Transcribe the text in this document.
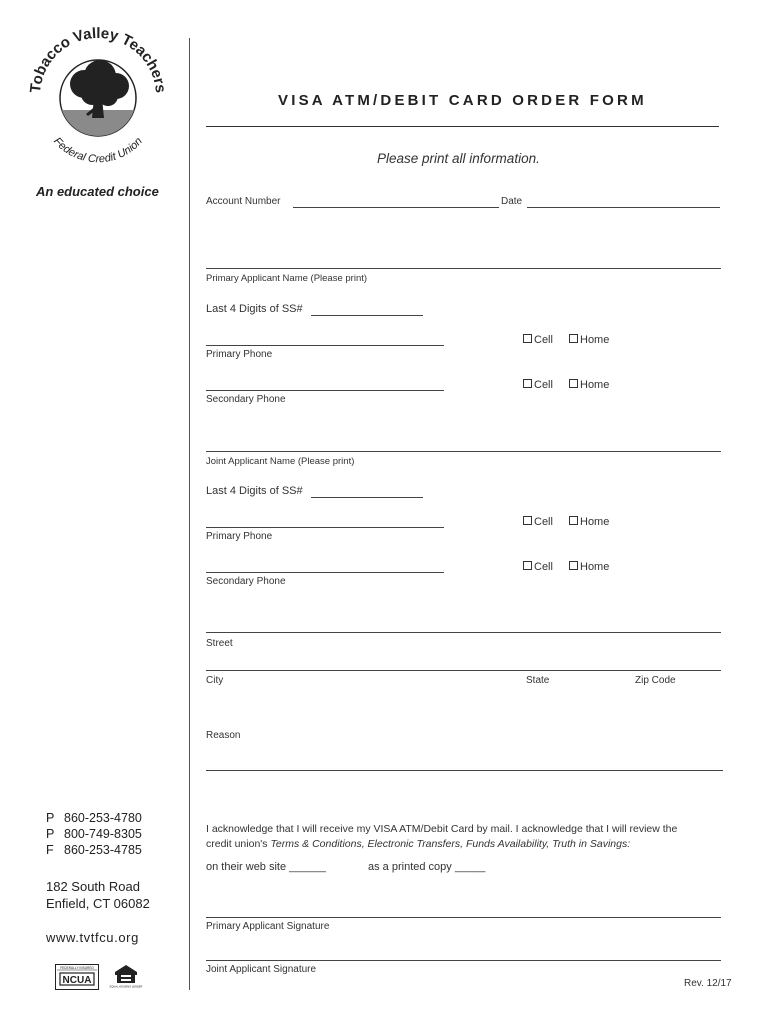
Tobacco Valley Teachers
Federal Credit Union
An educated choice
VISA ATM/DEBIT CARD ORDER FORM
Please print all information.
Account Number	Date
Primary Applicant Name (Please print)
Last 4 Digits of SS#
Primary Phone
Cell	Home
Secondary Phone
Cell	Home
Joint Applicant Name (Please print)
Last 4 Digits of SS#
Primary Phone
Cell	Home
Secondary Phone
Cell	Home
Street
City	State	Zip Code
Reason
I acknowledge that I will receive my VISA ATM/Debit Card by mail. I acknowledge that I will review the
credit union's Terms & Conditions, Electronic Transfers, Funds Availability, Truth in Savings:
on their web site ______	as a printed copy _____
Primary Applicant Signature
Joint Applicant Signature
Rev. 12/17
P 860-253-4780
P 800-749-8305
F 860-253-4785
182 South Road
Enfield, CT 06082
www.tvtfcu.org
FEDERALLY INSURED
NCUA
EQUAL HOUSING LENDER
